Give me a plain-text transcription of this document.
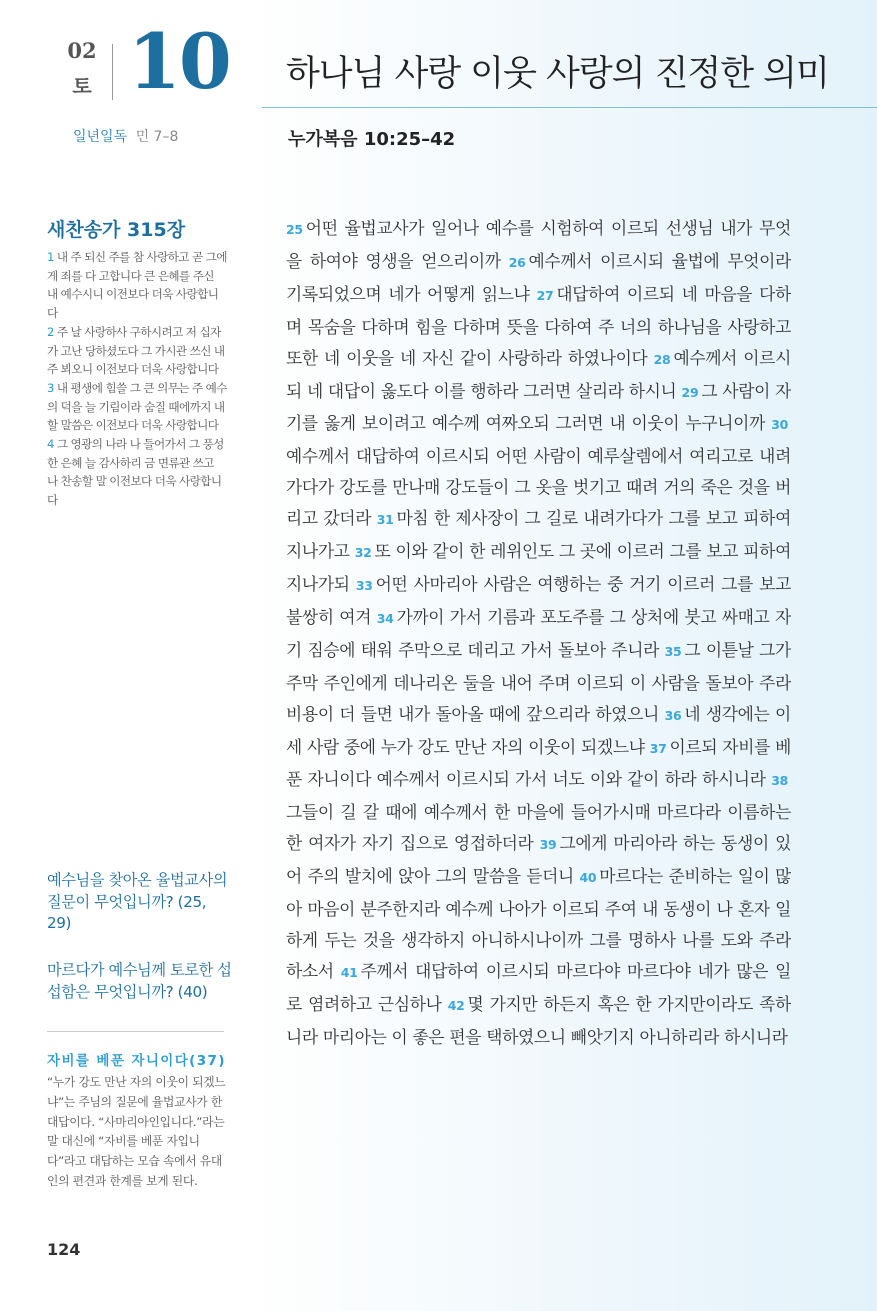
02
토 10 하나님 사랑 이웃 사랑의 진정한 의미
일년일독 민 7–8	누가복음 10:25–42
새찬송가 315장

1 내 주 되신 주를 참 사랑하고 곧 그에게 죄를 다 고합니다 큰 은혜를 주신 내 예수시니 이전보다 더욱 사랑합니다

2 주 날 사랑하사 구하시려고 저 십자가 고난 당하셨도다 그 가시관 쓰신 내 주 뵈오니 이전보다 더욱 사랑합니다

3 내 평생에 힘쓸 그 큰 의무는 주 예수의 덕을 늘 기림이라 숨질 때에까지 내 할 말씀은 이전보다 더욱 사랑합니다

4 그 영광의 나라 나 들어가서 그 풍성한 은혜 늘 감사하리 금 면류관 쓰고 나 찬송할 말 이전보다 더욱 사랑합니다

예수님을 찾아온 율법교사의 질문이 무엇입니까? (25, 29)
마르다가 예수님께 토로한 섭섭함은 무엇입니까? (40)
자비를 베푼 자니이다(37)

“누가 강도 만난 자의 이웃이 되겠느냐”는 주님의 질문에 율법교사가 한 대답이다. “사마리아인입니다.”라는 말 대신에 “자비를 베푼 자입니다”라고 대답하는 모습 속에서 유대인의 편견과 한계를 보게 된다.

124

25 어떤 율법교사가 일어나 예수를 시험하여 이르되 선생님 내가 무엇을 하여야 영생을 얻으리이까 26 예수께서 이르시되 율법에 무엇이라 기록되었으며 네가 어떻게 읽느냐 27 대답하여 이르되 네 마음을 다하며 목숨을 다하며 힘을 다하며 뜻을 다하여 주 너의 하나님을 사랑하고 또한 네 이웃을 네 자신 같이 사랑하라 하였나이다 28 예수께서 이르시되 네 대답이 옳도다 이를 행하라 그러면 살리라 하시니 29 그 사람이 자기를 옳게 보이려고 예수께 여짜오되 그러면 내 이웃이 누구니이까 30예수께서 대답하여 이르시되 어떤 사람이 예루살렘에서 여리고로 내려가다가 강도를 만나매 강도들이 그 옷을 벗기고 때려 거의 죽은 것을 버리고 갔더라 31 마침 한 제사장이 그 길로 내려가다가 그를 보고 피하여 지나가고 32 또 이와 같이 한 레위인도 그 곳에 이르러 그를 보고 피하여 지나가되 33 어떤 사마리아 사람은 여행하는 중 거기 이르러 그를 보고 불쌍히 여겨 34 가까이 가서 기름과 포도주를 그 상처에 붓고 싸매고 자기 짐승에 태워 주막으로 데리고 가서 돌보아 주니라 35 그 이튿날 그가 주막 주인에게 데나리온 둘을 내어 주며 이르되 이 사람을 돌보아 주라 비용이 더 들면 내가 돌아올 때에 갚으리라 하였으니 36 네 생각에는 이 세 사람 중에 누가 강도 만난 자의 이웃이 되겠느냐 37 이르되 자비를 베푼 자니이다 예수께서 이르시되 가서 너도 이와 같이 하라 하시니라 38그들이 길 갈 때에 예수께서 한 마을에 들어가시매 마르다라 이름하는 한 여자가 자기 집으로 영접하더라 39 그에게 마리아라 하는 동생이 있어 주의 발치에 앉아 그의 말씀을 듣더니 40 마르다는 준비하는 일이 많아 마음이 분주한지라 예수께 나아가 이르되 주여 내 동생이 나 혼자 일하게 두는 것을 생각하지 아니하시나이까 그를 명하사 나를 도와 주라 하소서 41 주께서 대답하여 이르시되 마르다야 마르다야 네가 많은 일로 염려하고 근심하나 42 몇 가지만 하든지 혹은 한 가지만이라도 족하니라 마리아는 이 좋은 편을 택하였으니 빼앗기지 아니하리라 하시니라
